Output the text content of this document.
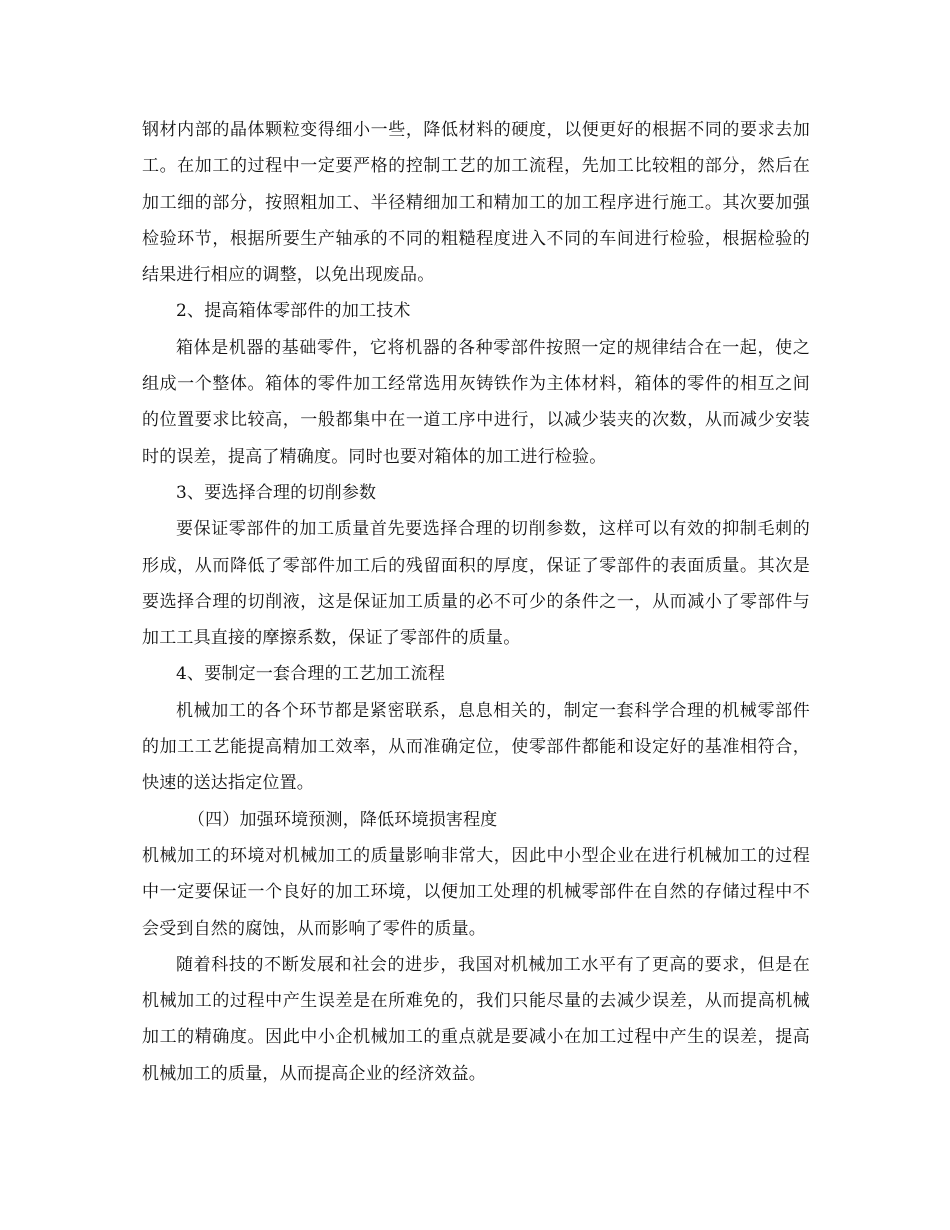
钢材内部的晶体颗粒变得细小一些，降低材料的硬度，以便更好的根据不同的要求去加工。在加工的过程中一定要严格的控制工艺的加工流程，先加工比较粗的部分，然后在加工细的部分，按照粗加工、半径精细加工和精加工的加工程序进行施工。其次要加强检验环节，根据所要生产轴承的不同的粗糙程度进入不同的车间进行检验，根据检验的结果进行相应的调整，以免出现废品。

2、提高箱体零部件的加工技术

箱体是机器的基础零件，它将机器的各种零部件按照一定的规律结合在一起，使之组成一个整体。箱体的零件加工经常选用灰铸铁作为主体材料，箱体的零件的相互之间的位置要求比较高，一般都集中在一道工序中进行，以减少装夹的次数，从而减少安装时的误差，提高了精确度。同时也要对箱体的加工进行检验。

3、要选择合理的切削参数

要保证零部件的加工质量首先要选择合理的切削参数，这样可以有效的抑制毛刺的形成，从而降低了零部件加工后的残留面积的厚度，保证了零部件的表面质量。其次是要选择合理的切削液，这是保证加工质量的必不可少的条件之一，从而减小了零部件与加工工具直接的摩擦系数，保证了零部件的质量。

4、要制定一套合理的工艺加工流程

机械加工的各个环节都是紧密联系，息息相关的，制定一套科学合理的机械零部件的加工工艺能提高精加工效率，从而准确定位，使零部件都能和设定好的基准相符合，快速的送达指定位置。

（四）加强环境预测，降低环境损害程度

机械加工的环境对机械加工的质量影响非常大，因此中小型企业在进行机械加工的过程中一定要保证一个良好的加工环境，以便加工处理的机械零部件在自然的存储过程中不会受到自然的腐蚀，从而影响了零件的质量。

随着科技的不断发展和社会的进步，我国对机械加工水平有了更高的要求，但是在机械加工的过程中产生误差是在所难免的，我们只能尽量的去减少误差，从而提高机械加工的精确度。因此中小企机械加工的重点就是要减小在加工过程中产生的误差，提高机械加工的质量，从而提高企业的经济效益。
